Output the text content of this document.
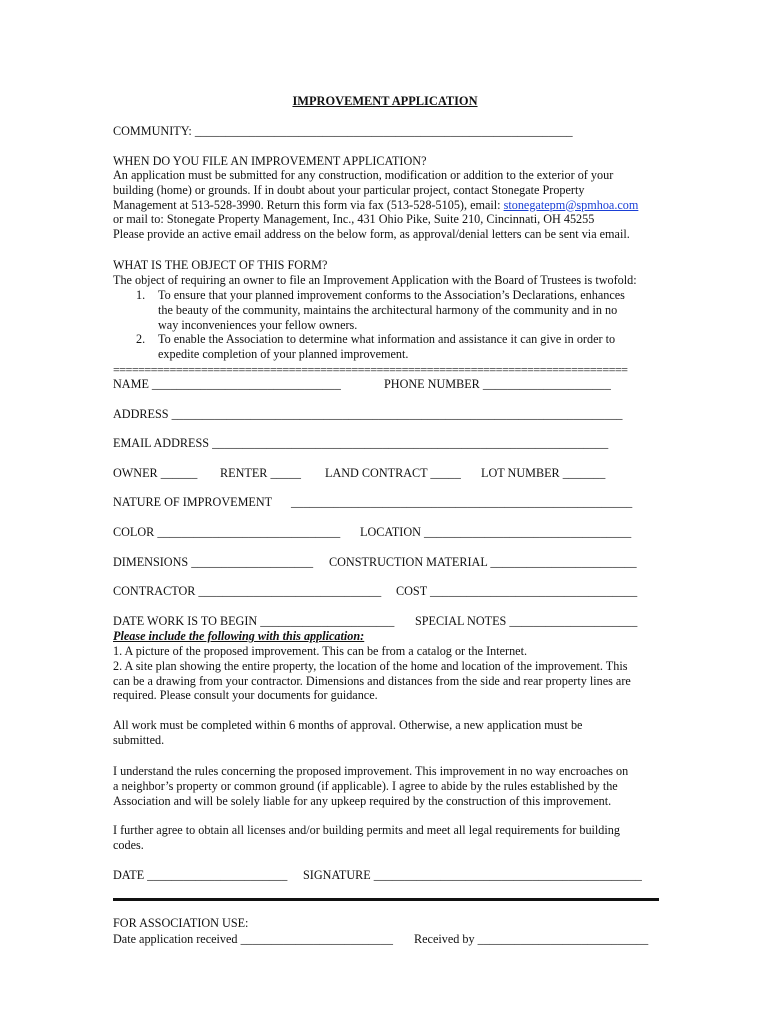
IMPROVEMENT APPLICATION
COMMUNITY: ______________________________________________________________
WHEN DO YOU FILE AN IMPROVEMENT APPLICATION?
An application must be submitted for any construction, modification or addition to the exterior of your
building (home) or grounds. If in doubt about your particular project, contact Stonegate Property
Management at 513-528-3990. Return this form via fax (513-528-5105), email: stonegatepm@spmhoa.com
or mail to: Stonegate Property Management, Inc., 431 Ohio Pike, Suite 210, Cincinnati, OH 45255
Please provide an active email address on the below form, as approval/denial letters can be sent via email.
WHAT IS THE OBJECT OF THIS FORM?
The object of requiring an owner to file an Improvement Application with the Board of Trustees is twofold:
1. To ensure that your planned improvement conforms to the Association’s Declarations, enhances
the beauty of the community, maintains the architectural harmony of the community and in no
way inconveniences your fellow owners.
2. To enable the Association to determine what information and assistance it can give in order to
expedite completion of your planned improvement.
==================================================================================
NAME _______________________________	PHONE NUMBER _____________________
ADDRESS __________________________________________________________________________
EMAIL ADDRESS _________________________________________________________________
OWNER ______ RENTER _____ LAND CONTRACT _____ LOT NUMBER _______
NATURE OF IMPROVEMENT ________________________________________________________
COLOR ______________________________ LOCATION __________________________________
DIMENSIONS ____________________ CONSTRUCTION MATERIAL ________________________
CONTRACTOR ______________________________ COST __________________________________
DATE WORK IS TO BEGIN ______________________ SPECIAL NOTES _____________________
Please include the following with this application:
1. A picture of the proposed improvement. This can be from a catalog or the Internet.
2. A site plan showing the entire property, the location of the home and location of the improvement. This
can be a drawing from your contractor. Dimensions and distances from the side and rear property lines are
required. Please consult your documents for guidance.
All work must be completed within 6 months of approval. Otherwise, a new application must be
submitted.
I understand the rules concerning the proposed improvement. This improvement in no way encroaches on
a neighbor’s property or common ground (if applicable). I agree to abide by the rules established by the
Association and will be solely liable for any upkeep required by the construction of this improvement.
I further agree to obtain all licenses and/or building permits and meet all legal requirements for building
codes.
DATE _______________________ SIGNATURE ____________________________________________
FOR ASSOCIATION USE:
Date application received _________________________ Received by ____________________________
